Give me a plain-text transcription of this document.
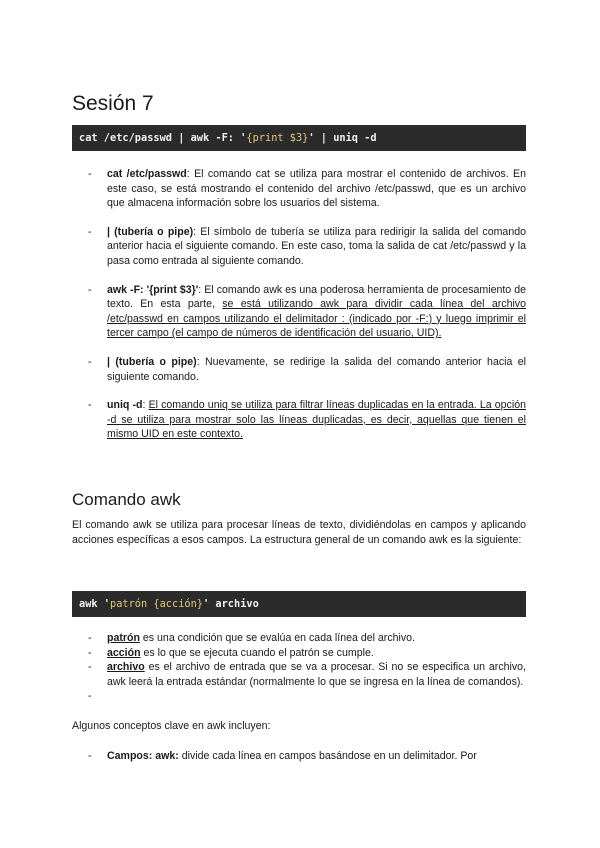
Sesión 7
cat /etc/passwd | awk -F: '{print $3}' | uniq -d
- cat /etc/passwd: El comando cat se utiliza para mostrar el contenido de archivos. En este caso, se está mostrando el contenido del archivo /etc/passwd, que es un archivo que almacena información sobre los usuarios del sistema.
- | (tubería o pipe): El símbolo de tubería se utiliza para redirigir la salida del comando anterior hacia el siguiente comando. En este caso, toma la salida de cat /etc/passwd y la pasa como entrada al siguiente comando.
- awk -F: '{print $3}': El comando awk es una poderosa herramienta de procesamiento de texto. En esta parte, se está utilizando awk para dividir cada línea del archivo /etc/passwd en campos utilizando el delimitador : (indicado por -F:) y luego imprimir el tercer campo (el campo de números de identificación del usuario, UID).
- | (tubería o pipe): Nuevamente, se redirige la salida del comando anterior hacia el siguiente comando.
- uniq -d: El comando uniq se utiliza para filtrar líneas duplicadas en la entrada. La opción -d se utiliza para mostrar solo las líneas duplicadas, es decir, aquellas que tienen el mismo UID en este contexto.
Comando awk

El comando awk se utiliza para procesar líneas de texto, dividiéndolas en campos y aplicando acciones específicas a esos campos. La estructura general de un comando awk es la siguiente:

awk 'patrón {acción}' archivo
- patrón es una condición que se evalúa en cada línea del archivo.
- acción es lo que se ejecuta cuando el patrón se cumple.
- archivo es el archivo de entrada que se va a procesar. Si no se especifica un archivo, awk leerá la entrada estándar (normalmente lo que se ingresa en la línea de comandos).
-

Algunos conceptos clave en awk incluyen:

- Campos: awk: divide cada línea en campos basándose en un delimitador. Por
